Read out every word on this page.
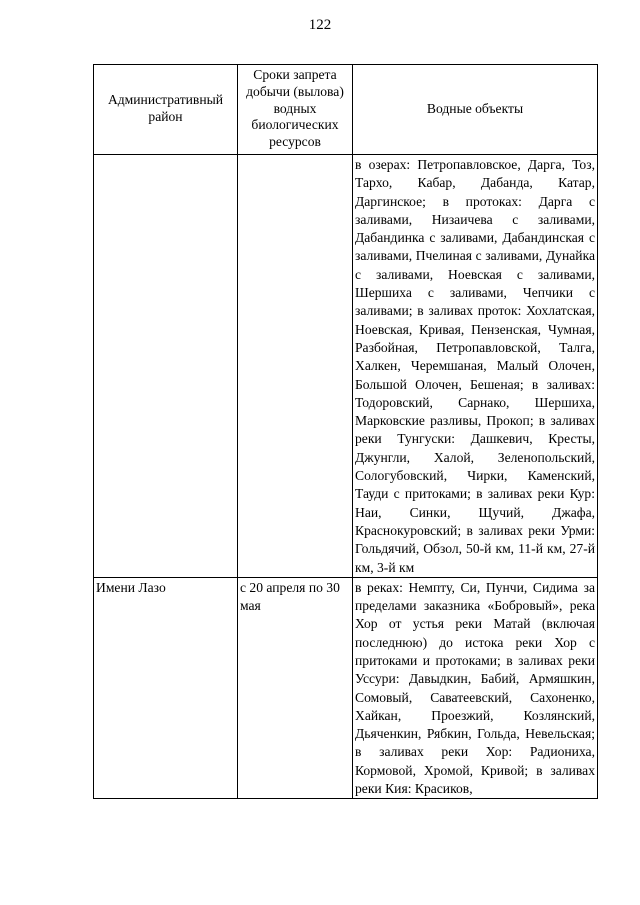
122
Административный район	Сроки запрета добычи (вылова) водных биологических ресурсов	Водные объекты
		в озерах: Петропавловское, Дарга, Тоз, Тархо, Кабар, Дабанда, Катар, Даргинское; в протоках: Дарга с заливами, Низаичева с заливами, Дабандинка с заливами, Дабандинская с заливами, Пчелиная с заливами, Дунайка с заливами, Ноевская с заливами, Шершиха с заливами, Чепчики с заливами; в заливах проток: Хохлатская, Ноевская, Кривая, Пензенская, Чумная, Разбойная, Петропавловской, Талга, Халкен, Черемшаная, Малый Олочен, Большой Олочен, Бешеная; в заливах: Тодоровский, Сарнако, Шершиха, Марковские разливы, Прокоп; в заливах реки Тунгуски: Дашкевич, Кресты, Джунгли, Халой, Зеленопольский, Сологубовский, Чирки, Каменский, Тауди с притоками; в заливах реки Кур: Наи, Синки, Щучий, Джафа, Краснокуровский; в заливах реки Урми: Гольдячий, Обзол, 50-й км, 11-й км, 27-й км, 3-й км
Имени Лазо	с 20 апреля по 30 мая	в реках: Немпту, Си, Пунчи, Сидима за пределами заказника «Бобровый», река Хор от устья реки Матай (включая последнюю) до истока реки Хор с притоками и протоками; в заливах реки Уссури: Давыдкин, Бабий, Армяшкин, Сомовый, Саватеевский, Сахоненко, Хайкан, Проезжий, Козлянский, Дьяченкин, Рябкин, Гольда, Невельская; в заливах реки Хор: Радиониха, Кормовой, Хромой, Кривой; в заливах реки Кия: Красиков,
